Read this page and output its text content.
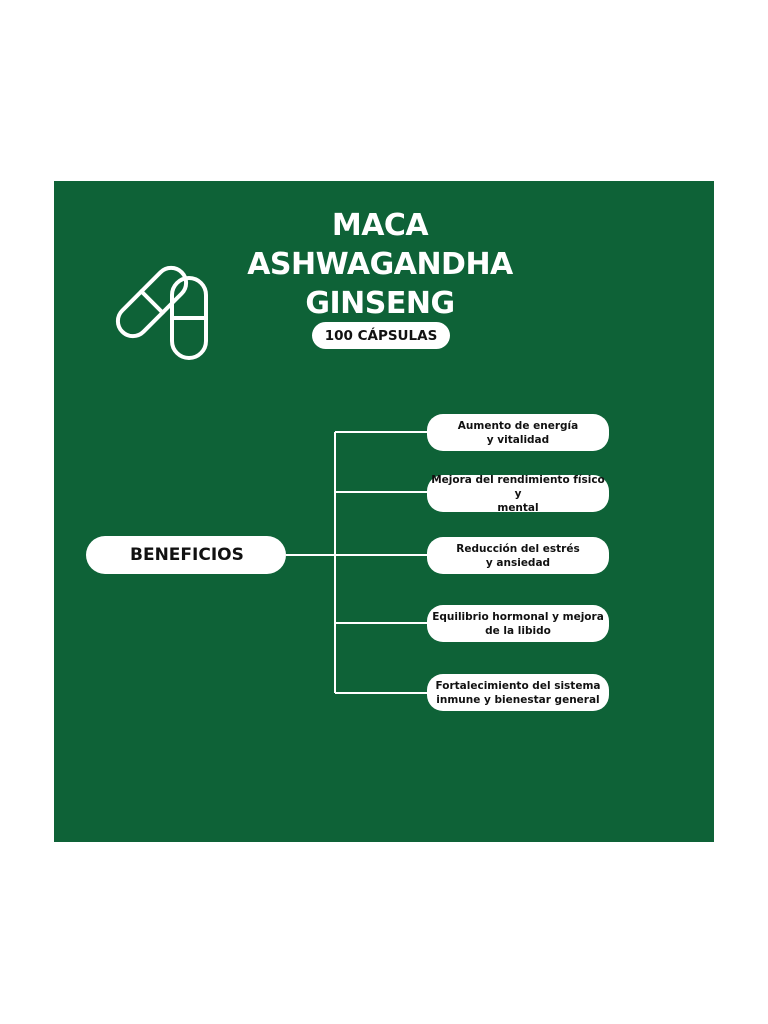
MACA
ASHWAGANDHA
GINSENG
100 CÁPSULAS
BENEFICIOS
Aumento de energía
y vitalidad
Mejora del rendimiento físico y
mental
Reducción del estrés
y ansiedad
Equilibrio hormonal y mejora
de la libido
Fortalecimiento del sistema
inmune y bienestar general
